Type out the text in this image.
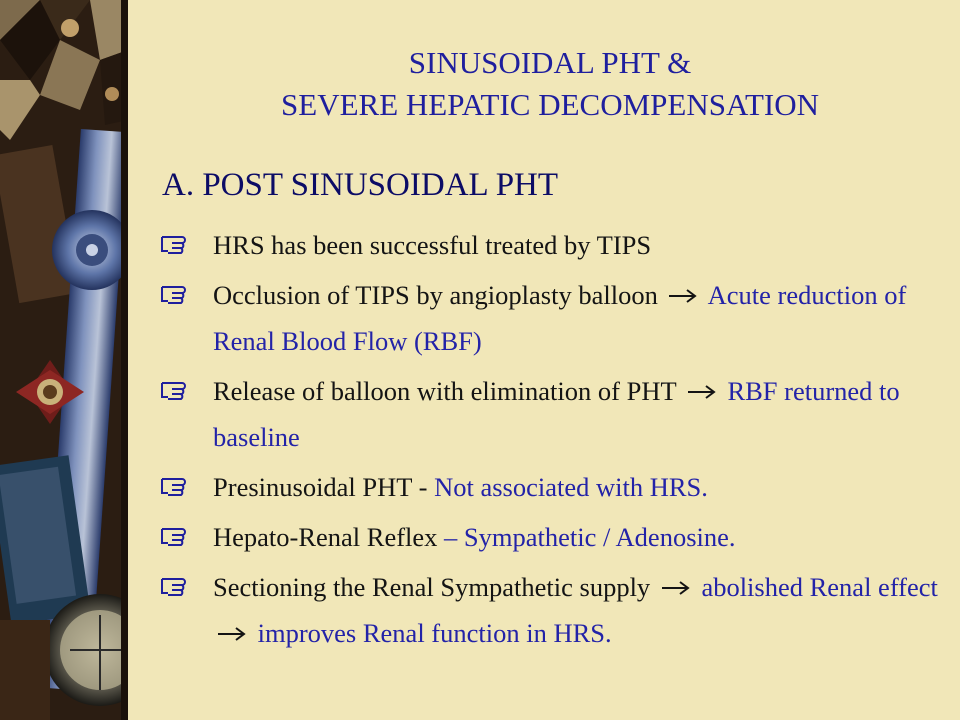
SINUSOIDAL PHT &
SEVERE HEPATIC DECOMPENSATION
A. POST SINUSOIDAL PHT
HRS has been successful treated by TIPS
Occlusion of TIPS by angioplasty balloon Acute reduction of Renal Blood Flow (RBF)
Release of balloon with elimination of PHT RBF returned to baseline
Presinusoidal PHT - Not associated with HRS.
Hepato-Renal Reflex – Sympathetic / Adenosine.
Sectioning the Renal Sympathetic supply abolished Renal effect  improves Renal function in HRS.
